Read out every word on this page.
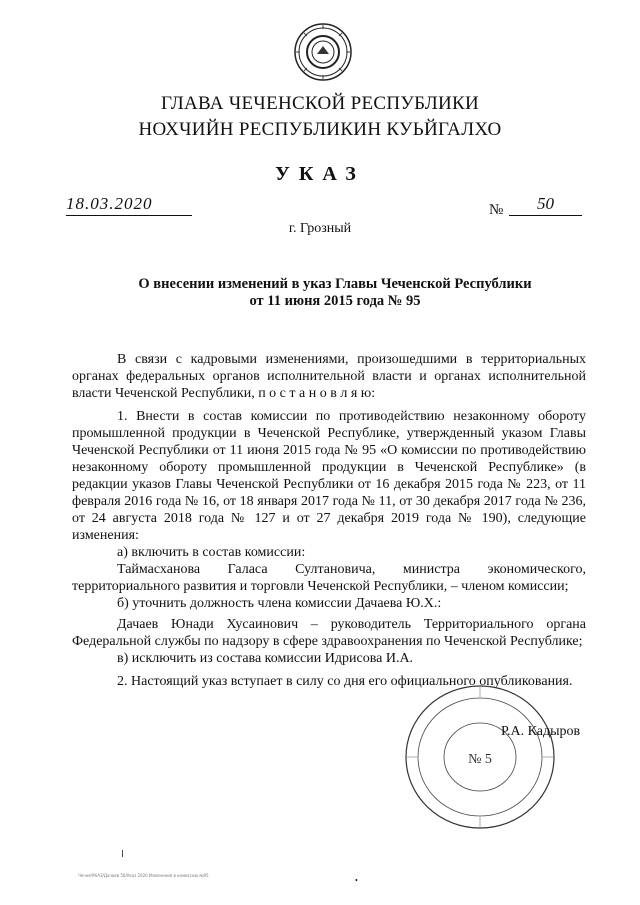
ГЛАВА ЧЕЧЕНСКОЙ РЕСПУБЛИКИ
НОХЧИЙН РЕСПУБЛИКИН КУЬЙГАЛХО
УКАЗ
18.03.2020	№	50
г. Грозный
О внесении изменений в указ Главы Чеченской Республики
от 11 июня 2015 года № 95

В связи с кадровыми изменениями, произошедшими в территориальных органах федеральных органов исполнительной власти и органах исполнительной власти Чеченской Республики, п о с т а н о в л я ю:

1. Внести в состав комиссии по противодействию незаконному обороту промышленной продукции в Чеченской Республике, утвержденный указом Главы Чеченской Республики от 11 июня 2015 года № 95 «О комиссии по противодействию незаконному обороту промышленной продукции в Чеченской Республике» (в редакции указов Главы Чеченской Республики от 16 декабря 2015 года № 223, от 11 февраля 2016 года № 16, от 18 января 2017 года № 11, от 30 декабря 2017 года № 236, от 24 августа 2018 года № 127 и от 27 декабря 2019 года № 190), следующие изменения:

а) включить в состав комиссии:

Таймасханова Галаса Султановича, министра экономического, территориального развития и торговли Чеченской Республики, – членом комиссии;

б) уточнить должность члена комиссии Дачаева Ю.Х.:

Дачаев Юнади Хусаинович – руководитель Территориального органа Федеральной службы по надзору в сфере здравоохранения по Чеченской Республике;

в) исключить из состава комиссии Идрисова И.А.

2. Настоящий указ вступает в силу со дня его официального опубликования.

№ 5
Р.А. Кадыров
Чечня/УКАЗ/Дачаев 50/Указ 2020 Изменения в комиссию №95
•
